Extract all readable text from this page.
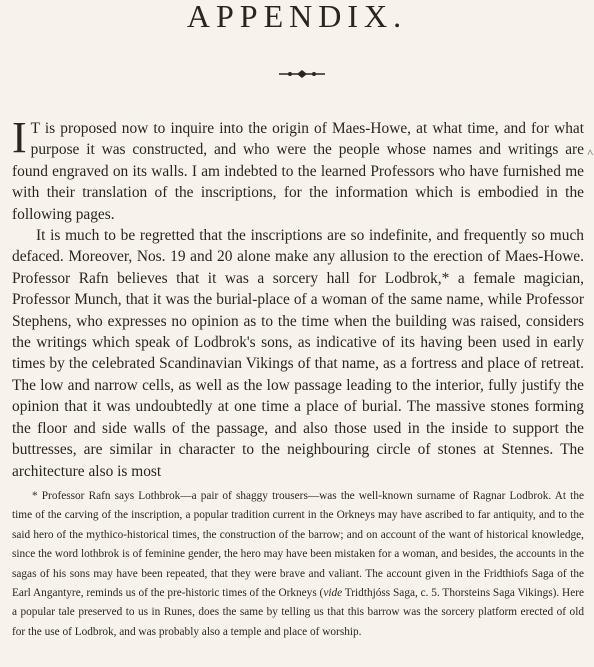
APPENDIX.

I T is proposed now to inquire into the origin of Maes-Howe, at what time, and for what purpose it was constructed, and who were the people whose names and writings are found engraved on its walls. I am indebted to the learned Professors who have furnished me with their translation of the inscriptions, for the information which is embodied in the following pages.

It is much to be regretted that the inscriptions are so indefinite, and frequently so much defaced. Moreover, Nos. 19 and 20 alone make any allusion to the erection of Maes-Howe. Professor Rafn believes that it was a sorcery hall for Lodbrok,* a female magician, Professor Munch, that it was the burial-place of a woman of the same name, while Professor Stephens, who expresses no opinion as to the time when the building was raised, considers the writings which speak of Lodbrok's sons, as indicative of its having been used in early times by the celebrated Scandinavian Vikings of that name, as a fortress and place of retreat. The low and narrow cells, as well as the low passage leading to the interior, fully justify the opinion that it was undoubtedly at one time a place of burial. The massive stones forming the floor and side walls of the passage, and also those used in the inside to support the buttresses, are similar in character to the neighbouring circle of stones at Stennes. The architecture also is most

* Professor Rafn says Lothbrok—a pair of shaggy trousers—was the well-known surname of Ragnar Lodbrok. At the time of the carving of the inscription, a popular tradition current in the Orkneys may have ascribed to far antiquity, and to the said hero of the mythico-historical times, the construction of the barrow; and on account of the want of historical knowledge, since the word lothbrok is of feminine gender, the hero may have been mistaken for a woman, and besides, the accounts in the sagas of his sons may have been repeated, that they were brave and valiant. The account given in the Fridthiofs Saga of the Earl Angantyre, reminds us of the pre-historic times of the Orkneys (vide Tridthjóss Saga, c. 5. Thorsteins Saga Vikings). Here a popular tale preserved to us in Runes, does the same by telling us that this barrow was the sorcery platform erected of old for the use of Lodbrok, and was probably also a temple and place of worship.

^
